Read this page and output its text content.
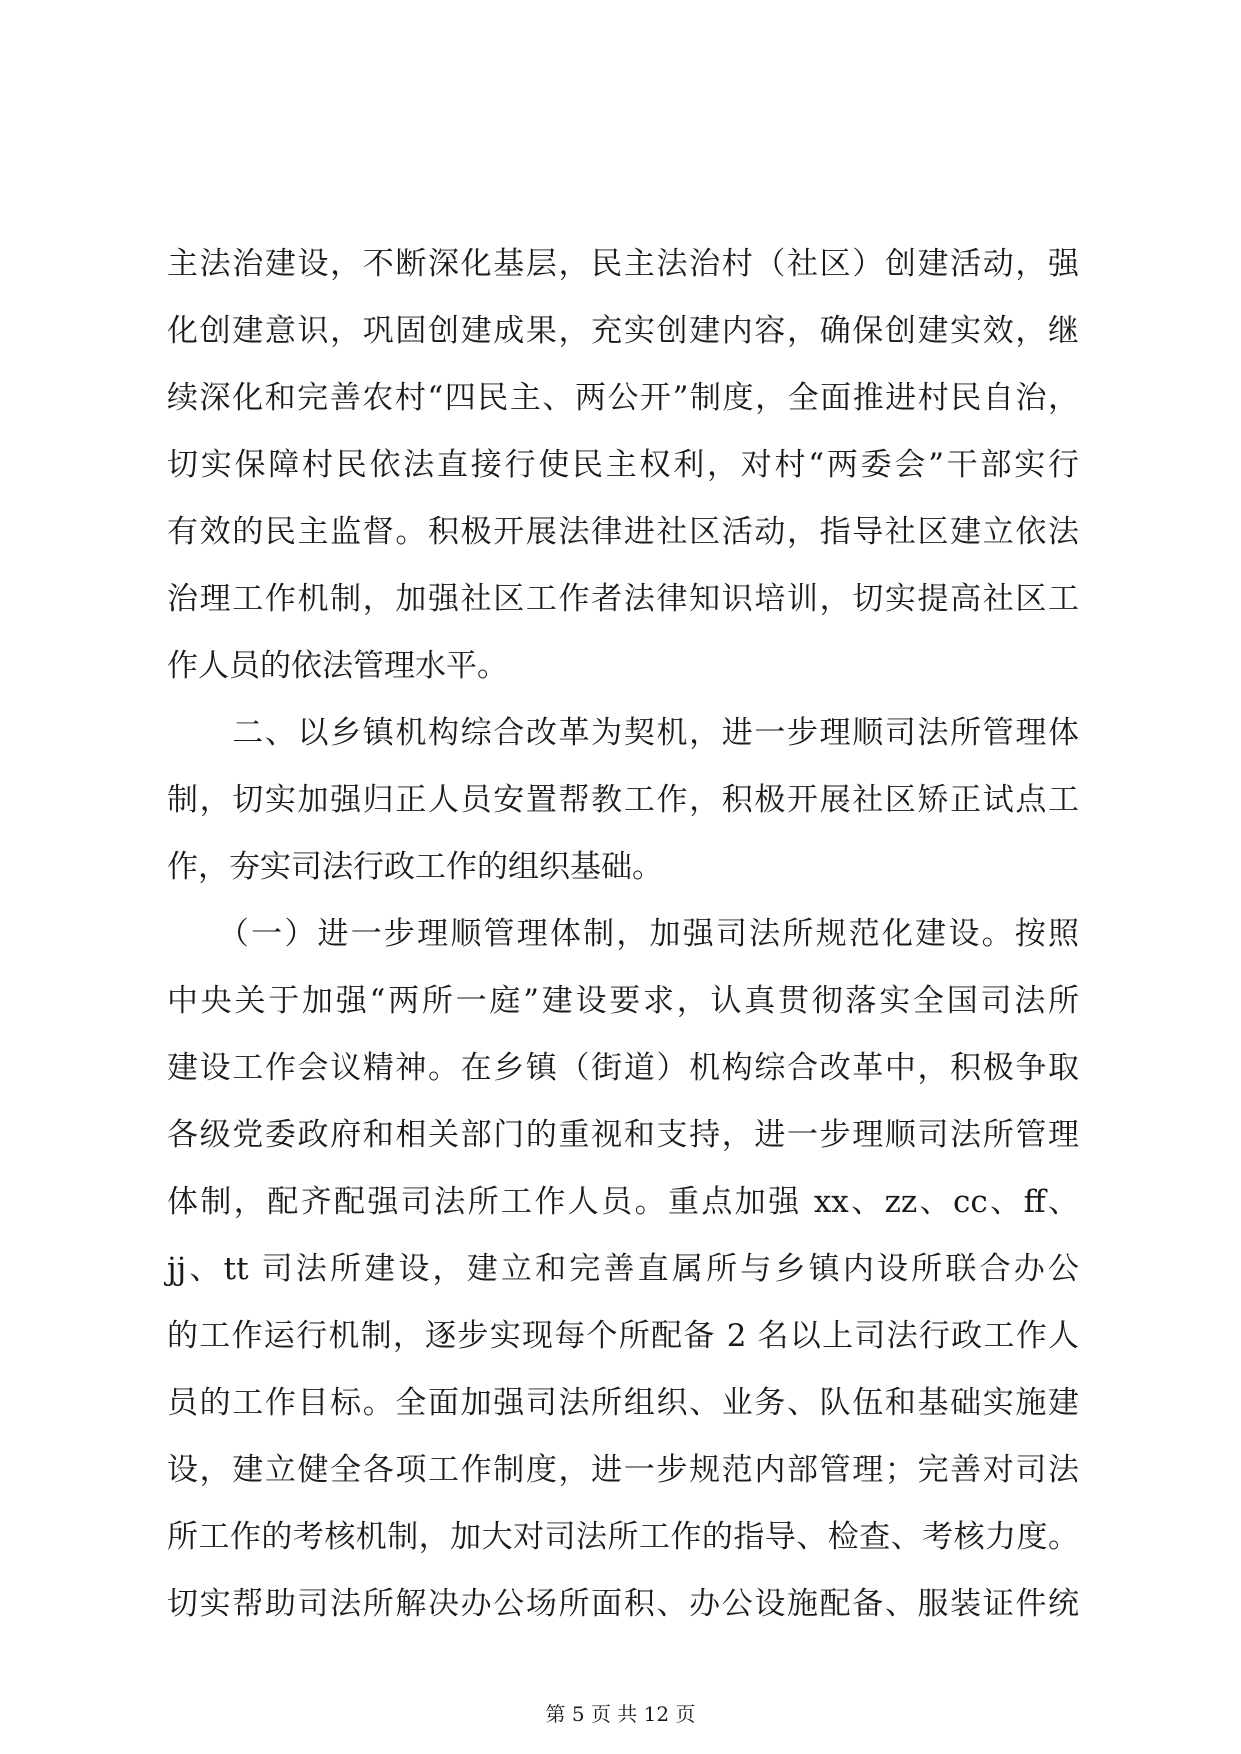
主法治建设，不断深化基层，民主法治村（社区）创建活动，强
化创建意识，巩固创建成果，充实创建内容，确保创建实效，继
续深化和完善农村“四民主、两公开”制度，全面推进村民自治，
切实保障村民依法直接行使民主权利，对村“两委会”干部实行
有效的民主监督。积极开展法律进社区活动，指导社区建立依法
治理工作机制，加强社区工作者法律知识培训，切实提高社区工
作人员的依法管理水平。
　　二、以乡镇机构综合改革为契机，进一步理顺司法所管理体
制，切实加强归正人员安置帮教工作，积极开展社区矫正试点工
作，夯实司法行政工作的组织基础。
　　（一）进一步理顺管理体制，加强司法所规范化建设。按照
中央关于加强“两所一庭”建设要求，认真贯彻落实全国司法所
建设工作会议精神。在乡镇（街道）机构综合改革中，积极争取
各级党委政府和相关部门的重视和支持，进一步理顺司法所管理
体制，配齐配强司法所工作人员。重点加强 xx、zz、cc、ff、
jj、tt 司法所建设，建立和完善直属所与乡镇内设所联合办公
的工作运行机制，逐步实现每个所配备 2 名以上司法行政工作人
员的工作目标。全面加强司法所组织、业务、队伍和基础实施建
设，建立健全各项工作制度，进一步规范内部管理；完善对司法
所工作的考核机制，加大对司法所工作的指导、检查、考核力度。
切实帮助司法所解决办公场所面积、办公设施配备、服装证件统
第 5 页 共 12 页
